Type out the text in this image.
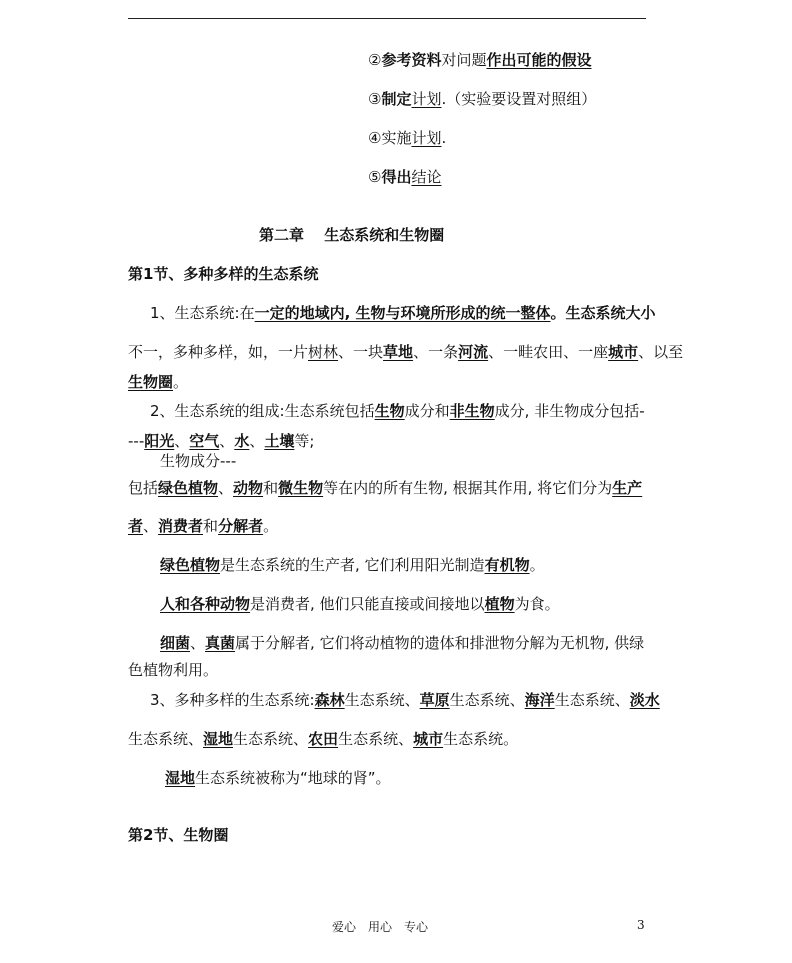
②参考资料对问题作出可能的假设
③制定计划.（实验要设置对照组）
④实施计划.
⑤得出结论
第二章　 生态系统和生物圈
第1节、多种多样的生态系统
1、生态系统:在一定的地域内, 生物与环境所形成的统一整体。生态系统大小
不一，多种多样，如，一片树林、一块草地、一条河流、一畦农田、一座城市、以至
生物圈。
2、生态系统的组成:生态系统包括生物成分和非生物成分, 非生物成分包括-
---阳光、空气、水、土壤等;
生物成分---
包括绿色植物、动物和微生物等在内的所有生物, 根据其作用, 将它们分为生产
者、消费者和分解者。
绿色植物是生态系统的生产者, 它们利用阳光制造有机物。
人和各种动物是消费者, 他们只能直接或间接地以植物为食。
细菌、真菌属于分解者, 它们将动植物的遗体和排泄物分解为无机物, 供绿
色植物利用。
3、多种多样的生态系统:森林生态系统、草原生态系统、海洋生态系统、淡水
生态系统、湿地生态系统、农田生态系统、城市生态系统。
湿地生态系统被称为“地球的肾”。
第2节、生物圈
爱心　用心　专心	3
